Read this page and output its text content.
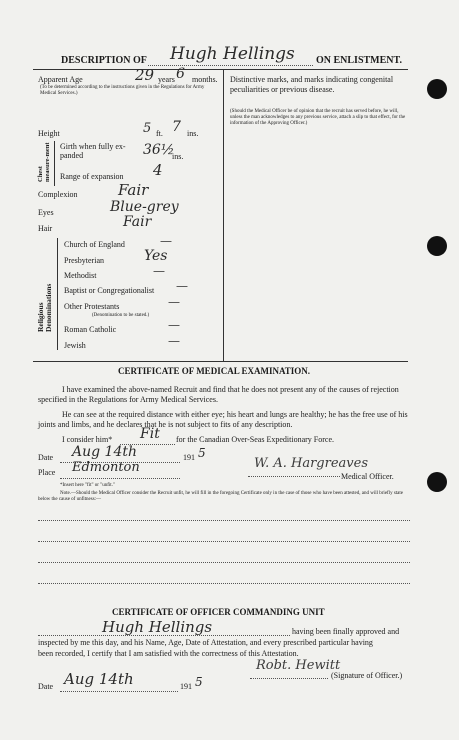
DESCRIPTION OF Hugh Hellings ON ENLISTMENT.
Apparent Age	29 years 6 months.
(To be determined according to the instructions given in the Regulations for Army Medical Services.)
Height	5 ft. 7 ins.
Chest measure-ment Girth when fully ex-panded	36½
ins.
Range of expansion 4
Complexion	Fair
Eyes	Blue-grey
Hair	Fair
Religious Denominations
Church of England	—
Presbyterian	Yes
Methodist	—
Baptist or Congregationalist —
Other Protestants	—
(Denomination to be stated.)
Roman Catholic	—
Jewish	—
Distinctive marks, and marks indicating congenital peculiarities or previous disease.
(Should the Medical Officer be of opinion that the recruit has served before, he will, unless the man acknowledges to any previous service, attach a slip to that effect, for the information of the Approving Officer.)
CERTIFICATE OF MEDICAL EXAMINATION.
I have examined the above-named Recruit and find that he does not present any of the causes of rejection specified in the Regulations for Army Medical Services.
He can see at the required distance with either eye; his heart and lungs are healthy; he has the free use of his joints and limbs, and he declares that he is not subject to fits of any description.
I consider him* Fit for the Canadian Over-Seas Expeditionary Force.
Date Aug 14th	191 5
Place Edmonton	W. A. Hargreaves
Medical Officer.
*Insert here "fit" or "unfit."
Note.—Should the Medical Officer consider the Recruit unfit, he will fill in the foregoing Certificate only in the case of those who have been attested, and will briefly state below the cause of unfitness:—
CERTIFICATE OF OFFICER COMMANDING UNIT
Hugh Hellings	having been finally approved and
inspected by me this day, and his Name, Age, Date of Attestation, and every prescribed particular having
been recorded, I certify that I am satisfied with the correctness of this Attestation.
Robt. Hewitt
(Signature of Officer.)
Date Aug 14th	191 5
